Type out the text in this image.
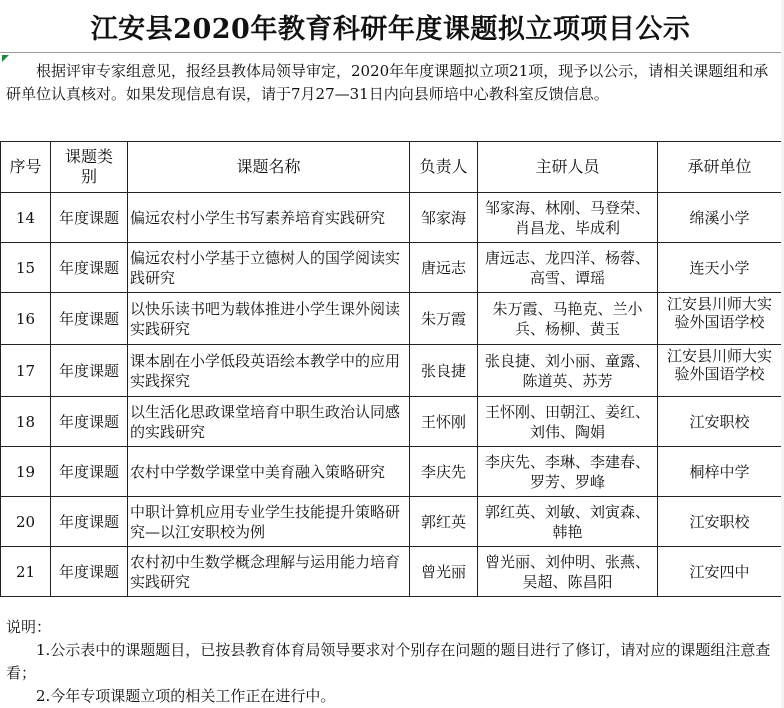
江安县2020年教育科研年度课题拟立项项目公示
根据评审专家组意见，报经县教体局领导审定，2020年年度课题拟立项21项，现予以公示，请相关课题组和承研单位认真核对。如果发现信息有误，请于7月27—31日内向县师培中心教科室反馈信息。
序号	课题类别	课题名称	负责人	主研人员	承研单位
14	年度课题	偏远农村小学生书写素养培育实践研究	邹家海	邹家海、林刚、马登荣、肖昌龙、毕成利	绵溪小学
15	年度课题	偏远农村小学基于立德树人的国学阅读实践研究	唐远志	唐远志、龙四洋、杨蓉、高雪、谭瑶	连天小学
16	年度课题	以快乐读书吧为载体推进小学生课外阅读实践研究	朱万霞	朱万霞、马艳克、兰小兵、杨柳、黄玉	江安县川师大实验外国语学校

17	年度课题	课本剧在小学低段英语绘本教学中的应用实践探究	张良捷	张良捷、刘小丽、童露、陈道英、苏芳	江安县川师大实验外国语学校

18	年度课题	以生活化思政课堂培育中职生政治认同感的实践研究	王怀刚	王怀刚、田朝江、姜红、刘伟、陶娟	江安职校
19	年度课题	农村中学数学课堂中美育融入策略研究	李庆先	李庆先、李琳、李建春、罗芳、罗峰	桐梓中学
20	年度课题	中职计算机应用专业学生技能提升策略研究—以江安职校为例	郭红英	郭红英、刘敏、刘寅森、韩艳	江安职校
21	年度课题	农村初中生数学概念理解与运用能力培育实践研究	曾光丽	曾光丽、刘仲明、张燕、吴超、陈昌阳	江安四中
说明：
1.公示表中的课题题目，已按县教育体育局领导要求对个别存在问题的题目进行了修订，请对应的课题组注意查看；
2.今年专项课题立项的相关工作正在进行中。
